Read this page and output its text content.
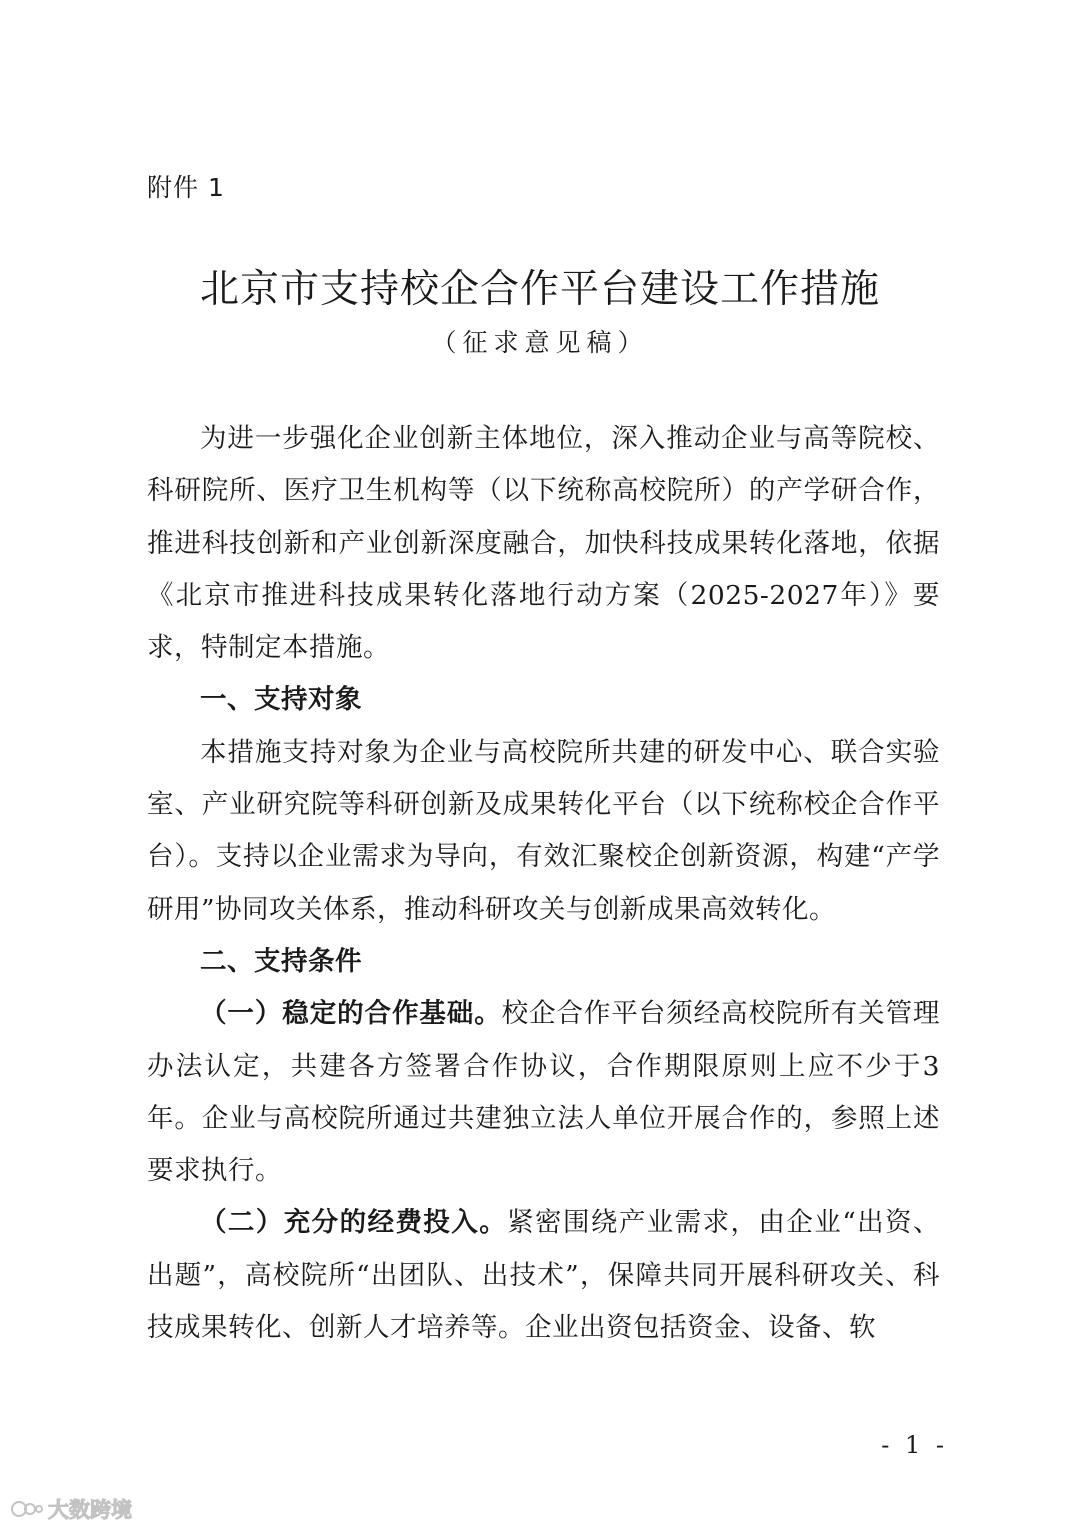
附件 1
北京市支持校企合作平台建设工作措施
（征求意见稿）

为进一步强化企业创新主体地位，深入推动企业与高等院校、科研院所、医疗卫生机构等（以下统称高校院所）的产学研合作，推进科技创新和产业创新深度融合，加快科技成果转化落地，依据《北京市推进科技成果转化落地行动方案（2025-2027年）》要求，特制定本措施。

一、支持对象

本措施支持对象为企业与高校院所共建的研发中心、联合实验室、产业研究院等科研创新及成果转化平台（以下统称校企合作平台）。支持以企业需求为导向，有效汇聚校企创新资源，构建“产学研用”协同攻关体系，推动科研攻关与创新成果高效转化。

二、支持条件

（一）稳定的合作基础。校企合作平台须经高校院所有关管理办法认定，共建各方签署合作协议，合作期限原则上应不少于3年。企业与高校院所通过共建独立法人单位开展合作的，参照上述要求执行。

（二）充分的经费投入。紧密围绕产业需求，由企业“出资、出题”，高校院所“出团队、出技术”，保障共同开展科研攻关、科技成果转化、创新人才培养等。企业出资包括资金、设备、软

- 1 -
大数跨境
